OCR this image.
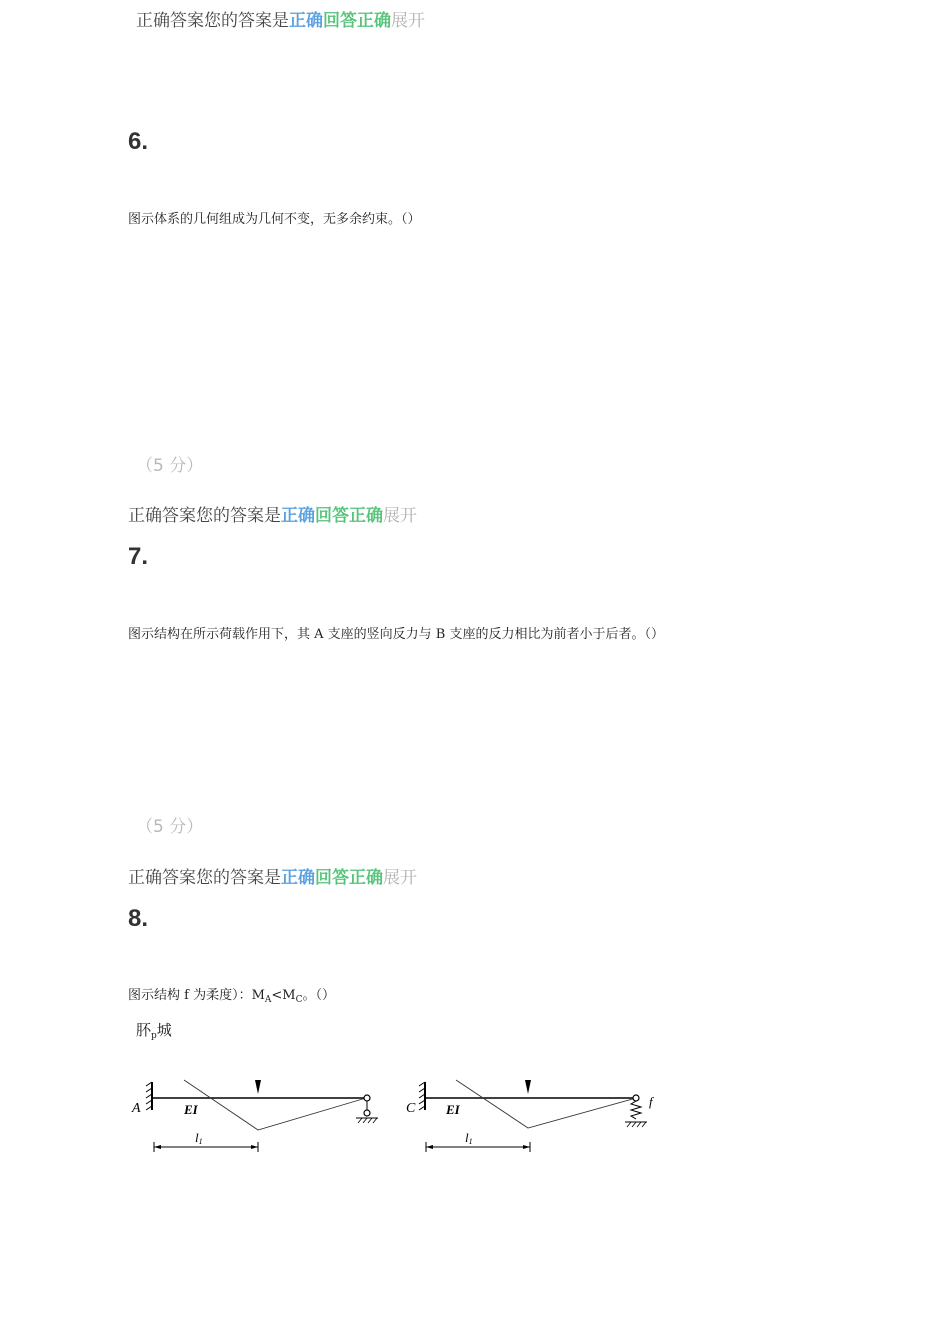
正确答案您的答案是正确回答正确展开
6.
图示体系的几何组成为几何不变，无多余约束。（）
（5 分）
正确答案您的答案是正确回答正确展开
7.
图示结构在所示荷载作用下，其 A 支座的竖向反力与 B 支座的反力相比为前者小于后者。（）
（5 分）
正确答案您的答案是正确回答正确展开
8.
图示结构 f 为柔度）：$M_A<M_C$。（）
肧$_p$城
A	EI
l1
C EI
f
l1
